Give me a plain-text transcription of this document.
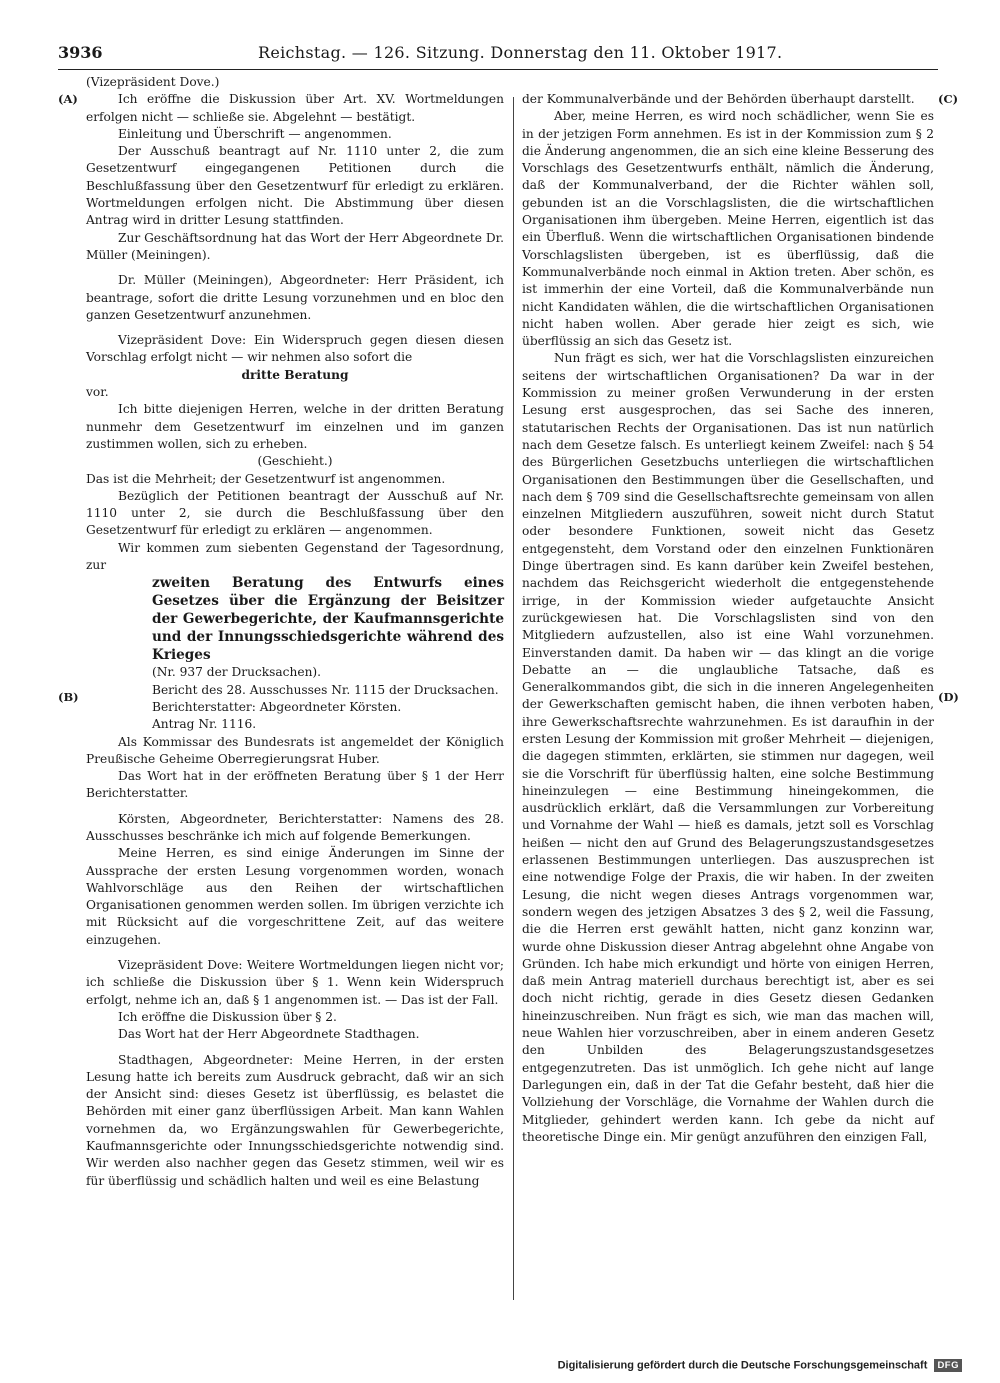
3936	Reichstag. — 126. Sitzung. Donnerstag den 11. Oktober 1917.
(A)
(B)
(C)
(D)

(Vizepräsident Dove.)

Ich eröffne die Diskussion über Art. XV. Wortmeldungen erfolgen nicht — schließe sie. Abgelehnt — bestätigt.

Einleitung und Überschrift — angenommen.

Der Ausschuß beantragt auf Nr. 1110 unter 2, die zum Gesetzentwurf eingegangenen Petitionen durch die Beschlußfassung über den Gesetzentwurf für erledigt zu erklären. Wortmeldungen erfolgen nicht. Die Abstimmung über diesen Antrag wird in dritter Lesung stattfinden.

Zur Geschäftsordnung hat das Wort der Herr Abgeordnete Dr. Müller (Meiningen).

Dr. Müller (Meiningen), Abgeordneter: Herr Präsident, ich beantrage, sofort die dritte Lesung vorzunehmen und en bloc den ganzen Gesetzentwurf anzunehmen.

Vizepräsident Dove: Ein Widerspruch gegen diesen diesen Vorschlag erfolgt nicht — wir nehmen also sofort die

dritte Beratung

vor.

Ich bitte diejenigen Herren, welche in der dritten Beratung nunmehr dem Gesetzentwurf im einzelnen und im ganzen zustimmen wollen, sich zu erheben.

(Geschieht.)

Das ist die Mehrheit; der Gesetzentwurf ist angenommen.

Bezüglich der Petitionen beantragt der Ausschuß auf Nr. 1110 unter 2, sie durch die Beschlußfassung über den Gesetzentwurf für erledigt zu erklären — angenommen.

Wir kommen zum siebenten Gegenstand der Tagesordnung, zur

zweiten Beratung des Entwurfs eines Gesetzes über die Ergänzung der Beisitzer der Gewerbegerichte, der Kaufmannsgerichte und der Innungsschiedsgerichte während des Krieges

(Nr. 937 der Drucksachen).

Bericht des 28. Ausschusses Nr. 1115 der Drucksachen.

Berichterstatter: Abgeordneter Körsten.

Antrag Nr. 1116.

Als Kommissar des Bundesrats ist angemeldet der Königlich Preußische Geheime Oberregierungsrat Huber.

Das Wort hat in der eröffneten Beratung über § 1 der Herr Berichterstatter.

Körsten, Abgeordneter, Berichterstatter: Namens des 28. Ausschusses beschränke ich mich auf folgende Bemerkungen.

Meine Herren, es sind einige Änderungen im Sinne der Aussprache der ersten Lesung vorgenommen worden, wonach Wahlvorschläge aus den Reihen der wirtschaftlichen Organisationen genommen werden sollen. Im übrigen verzichte ich mit Rücksicht auf die vorgeschrittene Zeit, auf das weitere einzugehen.

Vizepräsident Dove: Weitere Wortmeldungen liegen nicht vor; ich schließe die Diskussion über § 1. Wenn kein Widerspruch erfolgt, nehme ich an, daß § 1 angenommen ist. — Das ist der Fall.

Ich eröffne die Diskussion über § 2.

Das Wort hat der Herr Abgeordnete Stadthagen.

Stadthagen, Abgeordneter: Meine Herren, in der ersten Lesung hatte ich bereits zum Ausdruck gebracht, daß wir an sich der Ansicht sind: dieses Gesetz ist überflüssig, es belastet die Behörden mit einer ganz überflüssigen Arbeit. Man kann Wahlen vornehmen da, wo Ergänzungswahlen für Gewerbegerichte, Kaufmannsgerichte oder Innungsschiedsgerichte notwendig sind. Wir werden also nachher gegen das Gesetz stimmen, weil wir es für überflüssig und schädlich halten und weil es eine Belastung

der Kommunalverbände und der Behörden überhaupt darstellt.

Aber, meine Herren, es wird noch schädlicher, wenn Sie es in der jetzigen Form annehmen. Es ist in der Kommission zum § 2 die Änderung angenommen, die an sich eine kleine Besserung des Vorschlags des Gesetzentwurfs enthält, nämlich die Änderung, daß der Kommunalverband, der die Richter wählen soll, gebunden ist an die Vorschlagslisten, die die wirtschaftlichen Organisationen ihm übergeben. Meine Herren, eigentlich ist das ein Überfluß. Wenn die wirtschaftlichen Organisationen bindende Vorschlagslisten übergeben, ist es überflüssig, daß die Kommunalverbände noch einmal in Aktion treten. Aber schön, es ist immerhin der eine Vorteil, daß die Kommunalverbände nun nicht Kandidaten wählen, die die wirtschaftlichen Organisationen nicht haben wollen. Aber gerade hier zeigt es sich, wie überflüssig an sich das Gesetz ist.

Nun frägt es sich, wer hat die Vorschlagslisten einzureichen seitens der wirtschaftlichen Organisationen? Da war in der Kommission zu meiner großen Verwunderung in der ersten Lesung erst ausgesprochen, das sei Sache des inneren, statutarischen Rechts der Organisationen. Das ist nun natürlich nach dem Gesetze falsch. Es unterliegt keinem Zweifel: nach § 54 des Bürgerlichen Gesetzbuchs unterliegen die wirtschaftlichen Organisationen den Bestimmungen über die Gesellschaften, und nach dem § 709 sind die Gesellschaftsrechte gemeinsam von allen einzelnen Mitgliedern auszuführen, soweit nicht durch Statut oder besondere Funktionen, soweit nicht das Gesetz entgegensteht, dem Vorstand oder den einzelnen Funktionären Dinge übertragen sind. Es kann darüber kein Zweifel bestehen, nachdem das Reichsgericht wiederholt die entgegenstehende irrige, in der Kommission wieder aufgetauchte Ansicht zurückgewiesen hat. Die Vorschlagslisten sind von den Mitgliedern aufzustellen, also ist eine Wahl vorzunehmen. Einverstanden damit. Da haben wir — das klingt an die vorige Debatte an — die unglaubliche Tatsache, daß es Generalkommandos gibt, die sich in die inneren Angelegenheiten der Gewerkschaften gemischt haben, die ihnen verboten haben, ihre Gewerkschaftsrechte wahrzunehmen. Es ist daraufhin in der ersten Lesung der Kommission mit großer Mehrheit — diejenigen, die dagegen stimmten, erklärten, sie stimmen nur dagegen, weil sie die Vorschrift für überflüssig halten, eine solche Bestimmung hineinzulegen — eine Bestimmung hineingekommen, die ausdrücklich erklärt, daß die Versammlungen zur Vorbereitung und Vornahme der Wahl — hieß es damals, jetzt soll es Vorschlag heißen — nicht den auf Grund des Belagerungszustandsgesetzes erlassenen Bestimmungen unterliegen. Das auszusprechen ist eine notwendige Folge der Praxis, die wir haben. In der zweiten Lesung, die nicht wegen dieses Antrags vorgenommen war, sondern wegen des jetzigen Absatzes 3 des § 2, weil die Fassung, die die Herren erst gewählt hatten, nicht ganz konzinn war, wurde ohne Diskussion dieser Antrag abgelehnt ohne Angabe von Gründen. Ich habe mich erkundigt und hörte von einigen Herren, daß mein Antrag materiell durchaus berechtigt ist, aber es sei doch nicht richtig, gerade in dies Gesetz diesen Gedanken hineinzuschreiben. Nun frägt es sich, wie man das machen will, neue Wahlen hier vorzuschreiben, aber in einem anderen Gesetz den Unbilden des Belagerungszustandsgesetzes entgegenzutreten. Das ist unmöglich. Ich gehe nicht auf lange Darlegungen ein, daß in der Tat die Gefahr besteht, daß hier die Vollziehung der Vorschläge, die Vornahme der Wahlen durch die Mitglieder, gehindert werden kann. Ich gebe da nicht auf theoretische Dinge ein. Mir genügt anzuführen den einzigen Fall,

Digitalisierung gefördert durch die Deutsche Forschungsgemeinschaft DFG
